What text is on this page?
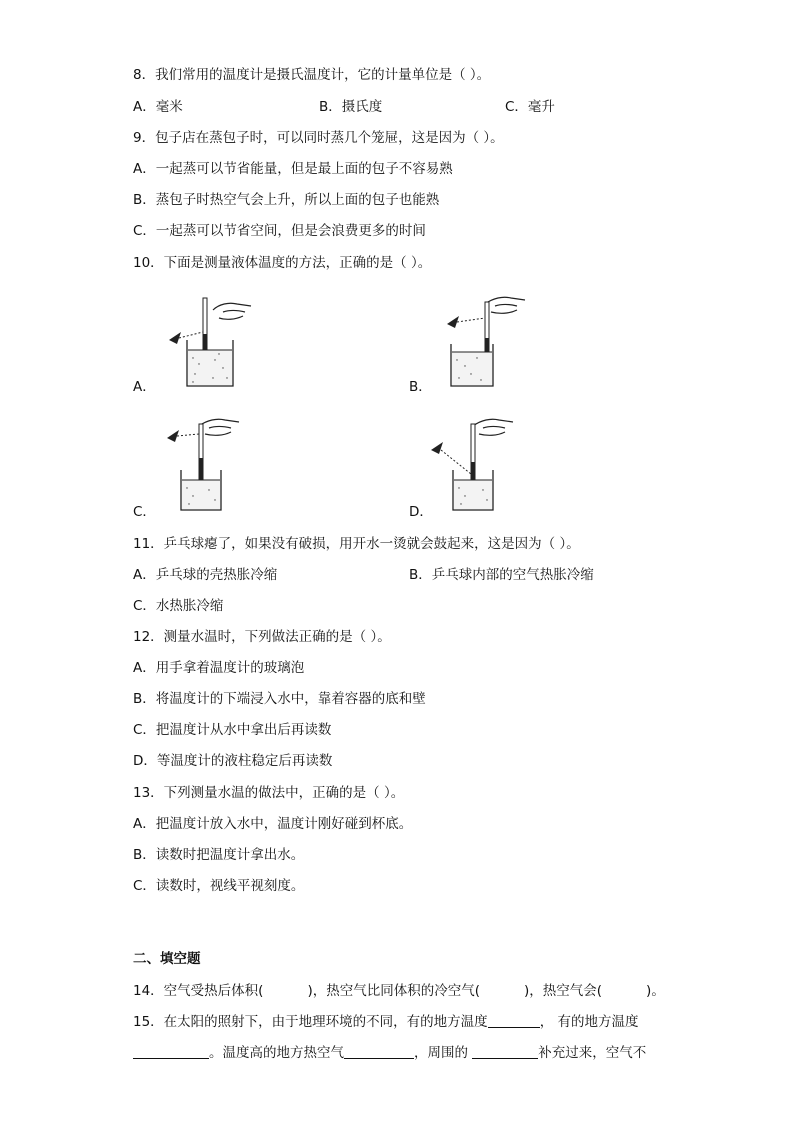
8．我们常用的温度计是摄氏温度计，它的计量单位是（ ）。
A．毫米	B．摄氏度	C．毫升
9．包子店在蒸包子时，可以同时蒸几个笼屉，这是因为（ ）。
A．一起蒸可以节省能量，但是最上面的包子不容易熟
B．蒸包子时热空气会上升，所以上面的包子也能熟
C．一起蒸可以节省空间，但是会浪费更多的时间
10．下面是测量液体温度的方法，正确的是（ ）。
A．	B．
C．	D．
11．乒乓球瘪了，如果没有破损，用开水一烫就会鼓起来，这是因为（ ）。
A．乒乓球的壳热胀冷缩	B．乒乓球内部的空气热胀冷缩
C．水热胀冷缩
12．测量水温时，下列做法正确的是（ ）。
A．用手拿着温度计的玻璃泡
B．将温度计的下端浸入水中，靠着容器的底和壁
C．把温度计从水中拿出后再读数
D．等温度计的液柱稳定后再读数
13．下列测量水温的做法中，正确的是（ ）。
A．把温度计放入水中，温度计刚好碰到杯底。
B．读数时把温度计拿出水。
C．读数时，视线平视刻度。
二、填空题
14．空气受热后体积(	)，热空气比同体积的冷空气(	)，热空气会(	)。
15．在太阳的照射下，由于地理环境的不同，有的地方温度	， 有的地方温度
。温度高的地方热空气	，周围的	补充过来，空气不
